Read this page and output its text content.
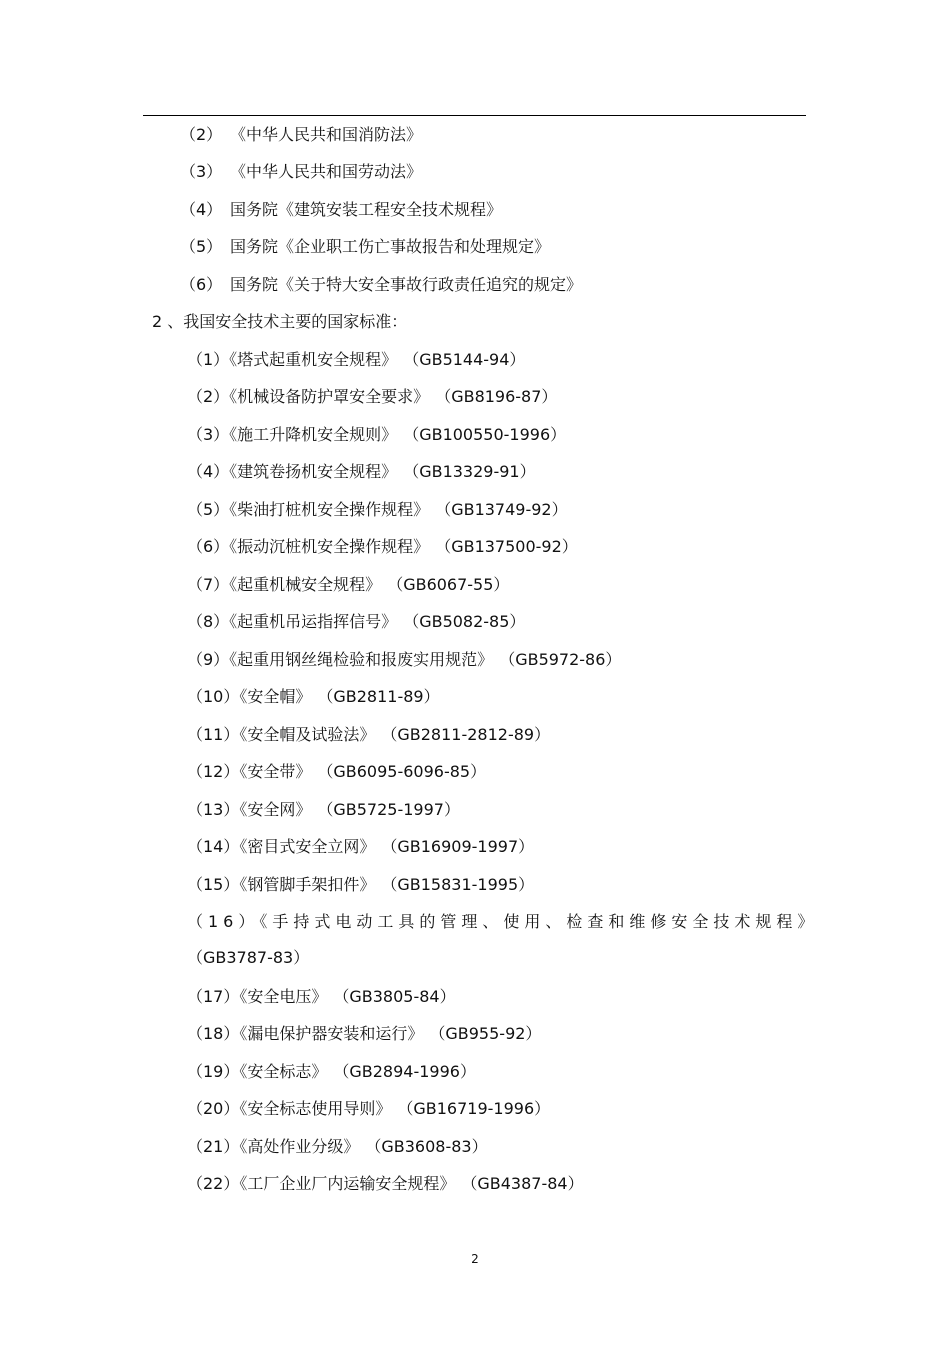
（2） 《中华人民共和国消防法》
（3） 《中华人民共和国劳动法》
（4） 国务院《建筑安装工程安全技术规程》
（5） 国务院《企业职工伤亡事故报告和处理规定》
（6） 国务院《关于特大安全事故行政责任追究的规定》
2 、我国安全技术主要的国家标准：
（1）《塔式起重机安全规程》 （GB5144-94）
（2）《机械设备防护罩安全要求》 （GB8196-87）
（3）《施工升降机安全规则》 （GB100550-1996）
（4）《建筑卷扬机安全规程》 （GB13329-91）
（5）《柴油打桩机安全操作规程》 （GB13749-92）
（6）《振动沉桩机安全操作规程》 （GB137500-92）
（7）《起重机械安全规程》 （GB6067-55）
（8）《起重机吊运指挥信号》 （GB5082-85）
（9）《起重用钢丝绳检验和报废实用规范》 （GB5972-86）
（10）《安全帽》 （GB2811-89）
（11）《安全帽及试验法》 （GB2811-2812-89）
（12）《安全带》 （GB6095-6096-85）
（13）《安全网》 （GB5725-1997）
（14）《密目式安全立网》 （GB16909-1997）
（15）《钢管脚手架扣件》 （GB15831-1995）
（16）《手持式电动工具的管理、使用、检查和维修安全技术规程》
（GB3787-83）
（17）《安全电压》 （GB3805-84）
（18）《漏电保护器安装和运行》 （GB955-92）
（19）《安全标志》 （GB2894-1996）
（20）《安全标志使用导则》 （GB16719-1996）
（21）《高处作业分级》 （GB3608-83）
（22）《工厂企业厂内运输安全规程》 （GB4387-84）
2
